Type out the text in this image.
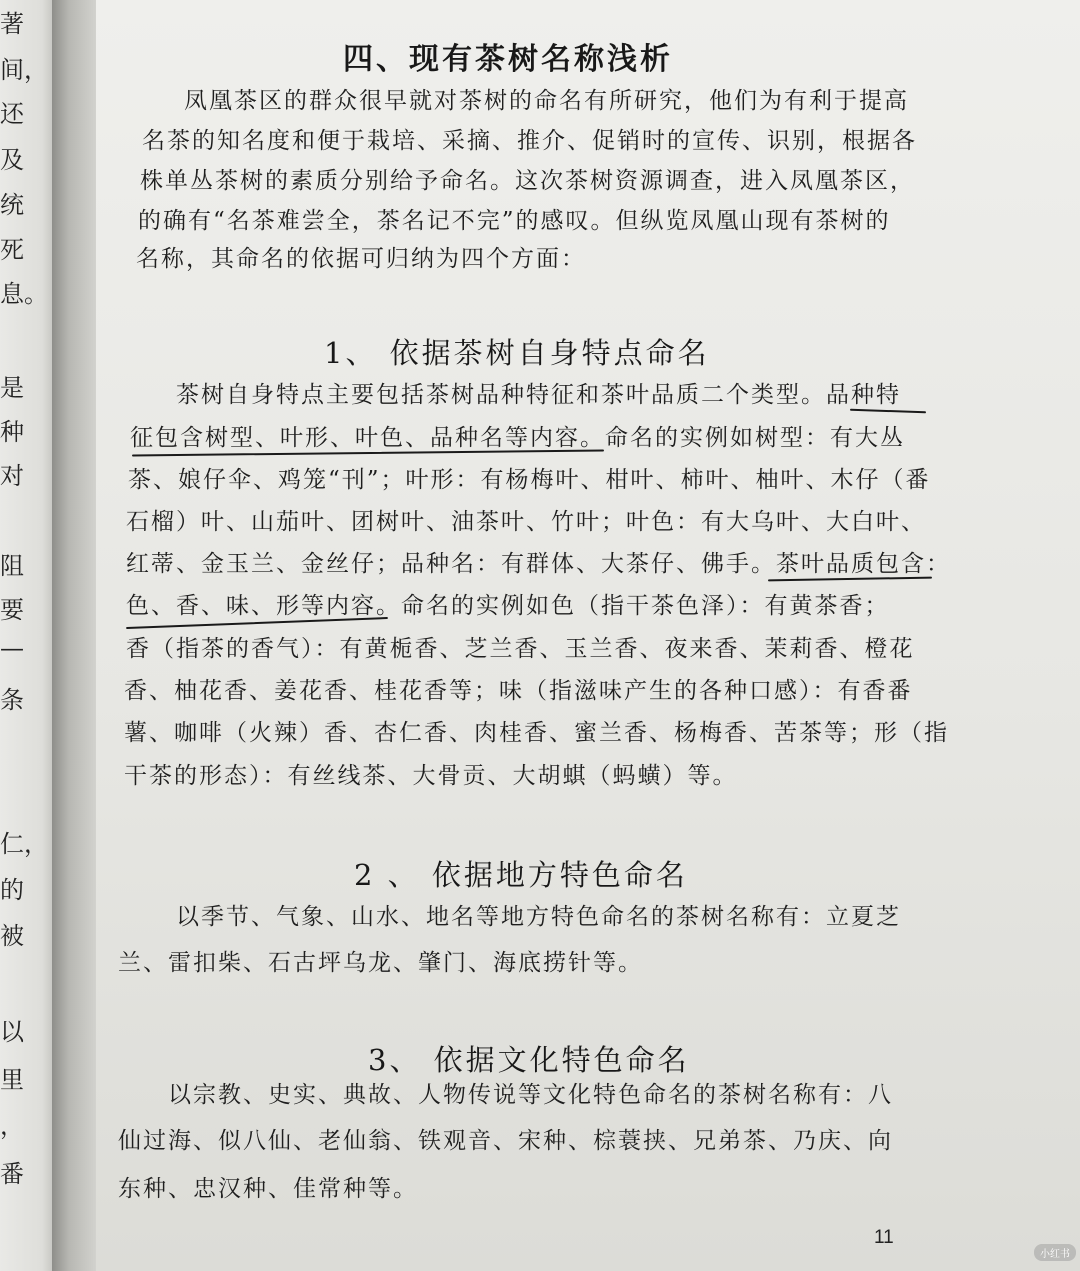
著
间，
还
及
统
死
息。
是
种
对
阻
要
—
条
仁，
的
被
以
里
，
番
四、现有茶树名称浅析
凤凰茶区的群众很早就对茶树的命名有所研究，他们为有利于提高
名茶的知名度和便于栽培、采摘、推介、促销时的宣传、识别，根据各
株单丛茶树的素质分别给予命名。这次茶树资源调查，进入凤凰茶区，
的确有“名茶难尝全，茶名记不完”的感叹。但纵览凤凰山现有茶树的
名称，其命名的依据可归纳为四个方面：
1、 依据茶树自身特点命名
茶树自身特点主要包括茶树品种特征和茶叶品质二个类型。品种特
征包含树型、叶形、叶色、品种名等内容。命名的实例如树型：有大丛
茶、娘仔伞、鸡笼“刊”；叶形：有杨梅叶、柑叶、柿叶、柚叶、木仔（番
石榴）叶、山茄叶、团树叶、油茶叶、竹叶；叶色：有大乌叶、大白叶、
红蒂、金玉兰、金丝仔；品种名：有群体、大茶仔、佛手。茶叶品质包含：
色、香、味、形等内容。命名的实例如色（指干茶色泽）：有黄茶香；
香（指茶的香气）：有黄栀香、芝兰香、玉兰香、夜来香、茉莉香、橙花
香、柚花香、姜花香、桂花香等；味（指滋味产生的各种口感）：有香番
薯、咖啡（火辣）香、杏仁香、肉桂香、蜜兰香、杨梅香、苦茶等；形（指
干茶的形态）：有丝线茶、大骨贡、大胡蜞（蚂蟥）等。
2 、 依据地方特色命名
以季节、气象、山水、地名等地方特色命名的茶树名称有：立夏芝
兰、雷扣柴、石古坪乌龙、肇门、海底捞针等。
3、 依据文化特色命名
以宗教、史实、典故、人物传说等文化特色命名的茶树名称有：八
仙过海、似八仙、老仙翁、铁观音、宋种、棕蓑挟、兄弟茶、乃庆、向
东种、忠汉种、佳常种等。
11
小红书
